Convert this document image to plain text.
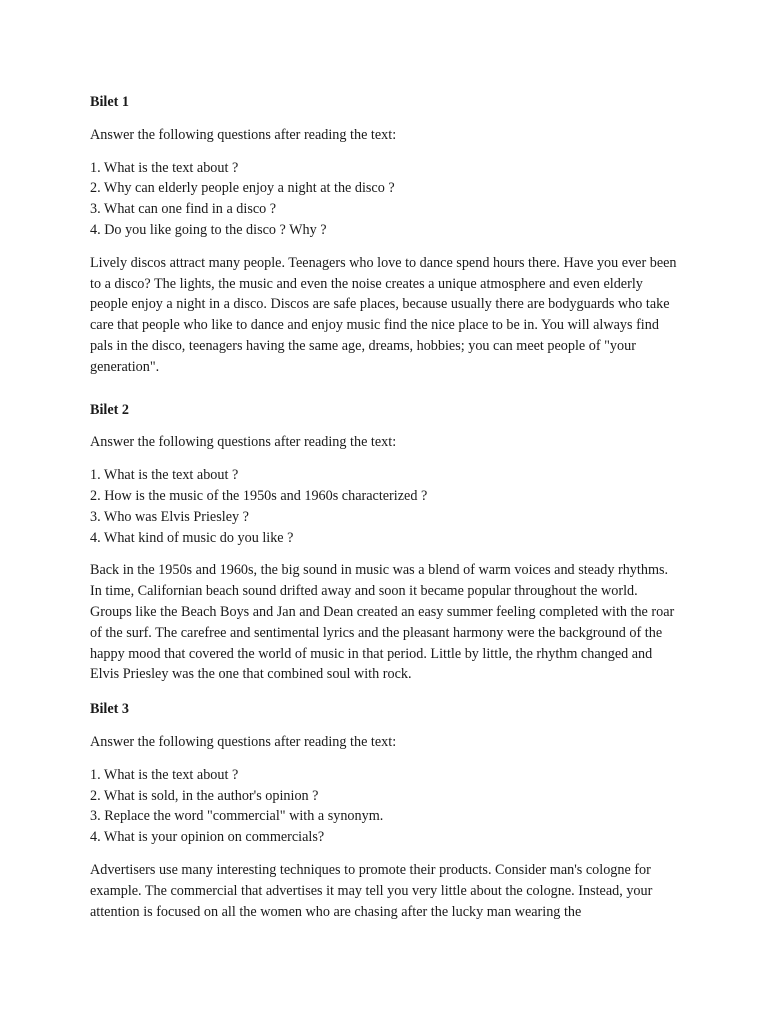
Bilet 1

Answer the following questions after reading the text:

1. What is the text about ?
2. Why can elderly people enjoy a night at the disco ?
3. What can one find in a disco ?
4. Do you like going to the disco ? Why ?

Lively discos attract many people. Teenagers who love to dance spend hours there. Have you ever been to a disco? The lights, the music and even the noise creates a unique atmosphere and even elderly people enjoy a night in a disco. Discos are safe places, because usually there are bodyguards who take care that people who like to dance and enjoy music find the nice place to be in. You will always find pals in the disco, teenagers having the same age, dreams, hobbies; you can meet people of "your generation".

Bilet 2

Answer the following questions after reading the text:

1. What is the text about ?
2. How is the music of the 1950s and 1960s characterized ?
3. Who was Elvis Priesley ?
4. What kind of music do you like ?

Back in the 1950s and 1960s, the big sound in music was a blend of warm voices and steady rhythms. In time, Californian beach sound drifted away and soon it became popular throughout the world. Groups like the Beach Boys and Jan and Dean created an easy summer feeling completed with the roar of the surf. The carefree and sentimental lyrics and the pleasant harmony were the background of the happy mood that covered the world of music in that period. Little by little, the rhythm changed and Elvis Priesley was the one that combined soul with rock.

Bilet 3

Answer the following questions after reading the text:

1. What is the text about ?
2. What is sold, in the author's opinion ?
3. Replace the word "commercial" with a synonym.
4. What is your opinion on commercials?

Advertisers use many interesting techniques to promote their products. Consider man's cologne for example. The commercial that advertises it may tell you very little about the cologne. Instead, your attention is focused on all the women who are chasing after the lucky man wearing the
